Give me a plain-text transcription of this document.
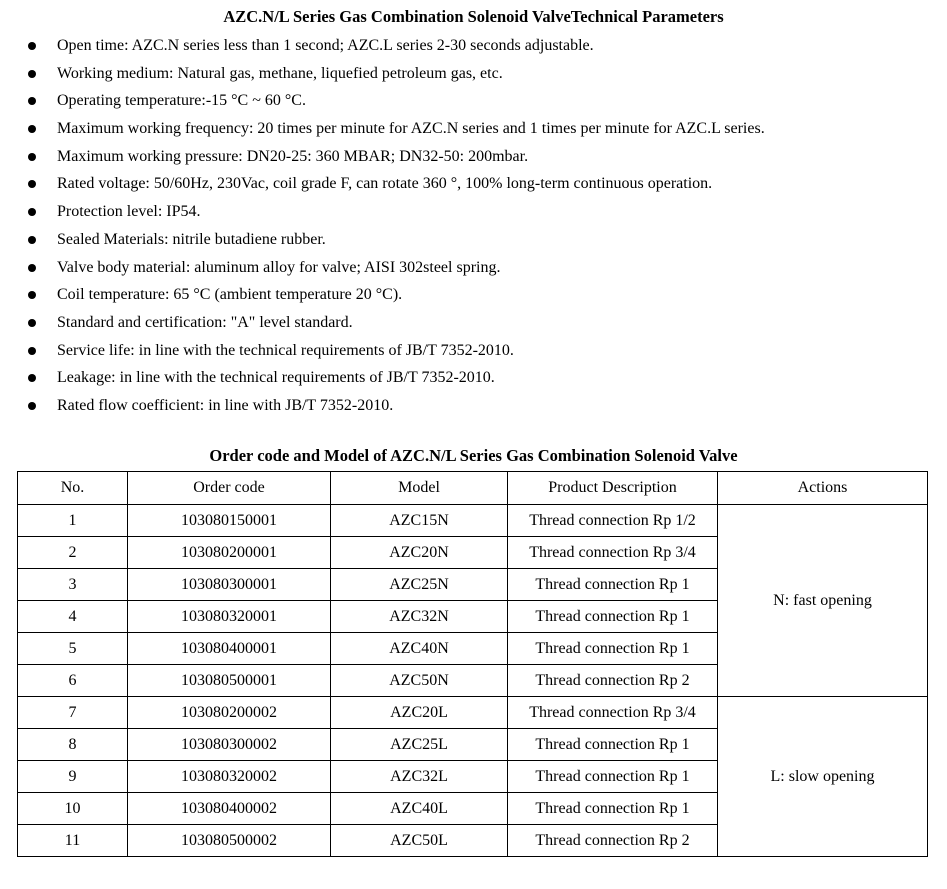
AZC.N/L Series Gas Combination Solenoid ValveTechnical Parameters
Open time: AZC.N series less than 1 second; AZC.L series 2-30 seconds adjustable.
Working medium: Natural gas, methane, liquefied petroleum gas, etc.
Operating temperature:-15 °C ~ 60 °C.
Maximum working frequency: 20 times per minute for AZC.N series and 1 times per minute for AZC.L series.
Maximum working pressure: DN20-25: 360 MBAR; DN32-50: 200mbar.
Rated voltage: 50/60Hz, 230Vac, coil grade F, can rotate 360 °, 100% long-term continuous operation.
Protection level: IP54.
Sealed Materials: nitrile butadiene rubber.
Valve body material: aluminum alloy for valve; AISI 302steel spring.
Coil temperature: 65 °C (ambient temperature 20 °C).
Standard and certification: "A" level standard.
Service life: in line with the technical requirements of JB/T 7352-2010.
Leakage: in line with the technical requirements of JB/T 7352-2010.
Rated flow coefficient: in line with JB/T 7352-2010.
Order code and Model of AZC.N/L Series Gas Combination Solenoid Valve
No.	Order code	Model	Product Description	Actions
1	103080150001	AZC15N	Thread connection Rp 1/2	N: fast opening
2	103080200001	AZC20N	Thread connection Rp 3/4	
3	103080300001	AZC25N	Thread connection Rp 1	
4	103080320001	AZC32N	Thread connection Rp 1	
5	103080400001	AZC40N	Thread connection Rp 1	
6	103080500001	AZC50N	Thread connection Rp 2	
7	103080200002	AZC20L	Thread connection Rp 3/4	L: slow opening
8	103080300002	AZC25L	Thread connection Rp 1	
9	103080320002	AZC32L	Thread connection Rp 1	
10	103080400002	AZC40L	Thread connection Rp 1	
11	103080500002	AZC50L	Thread connection Rp 2	
